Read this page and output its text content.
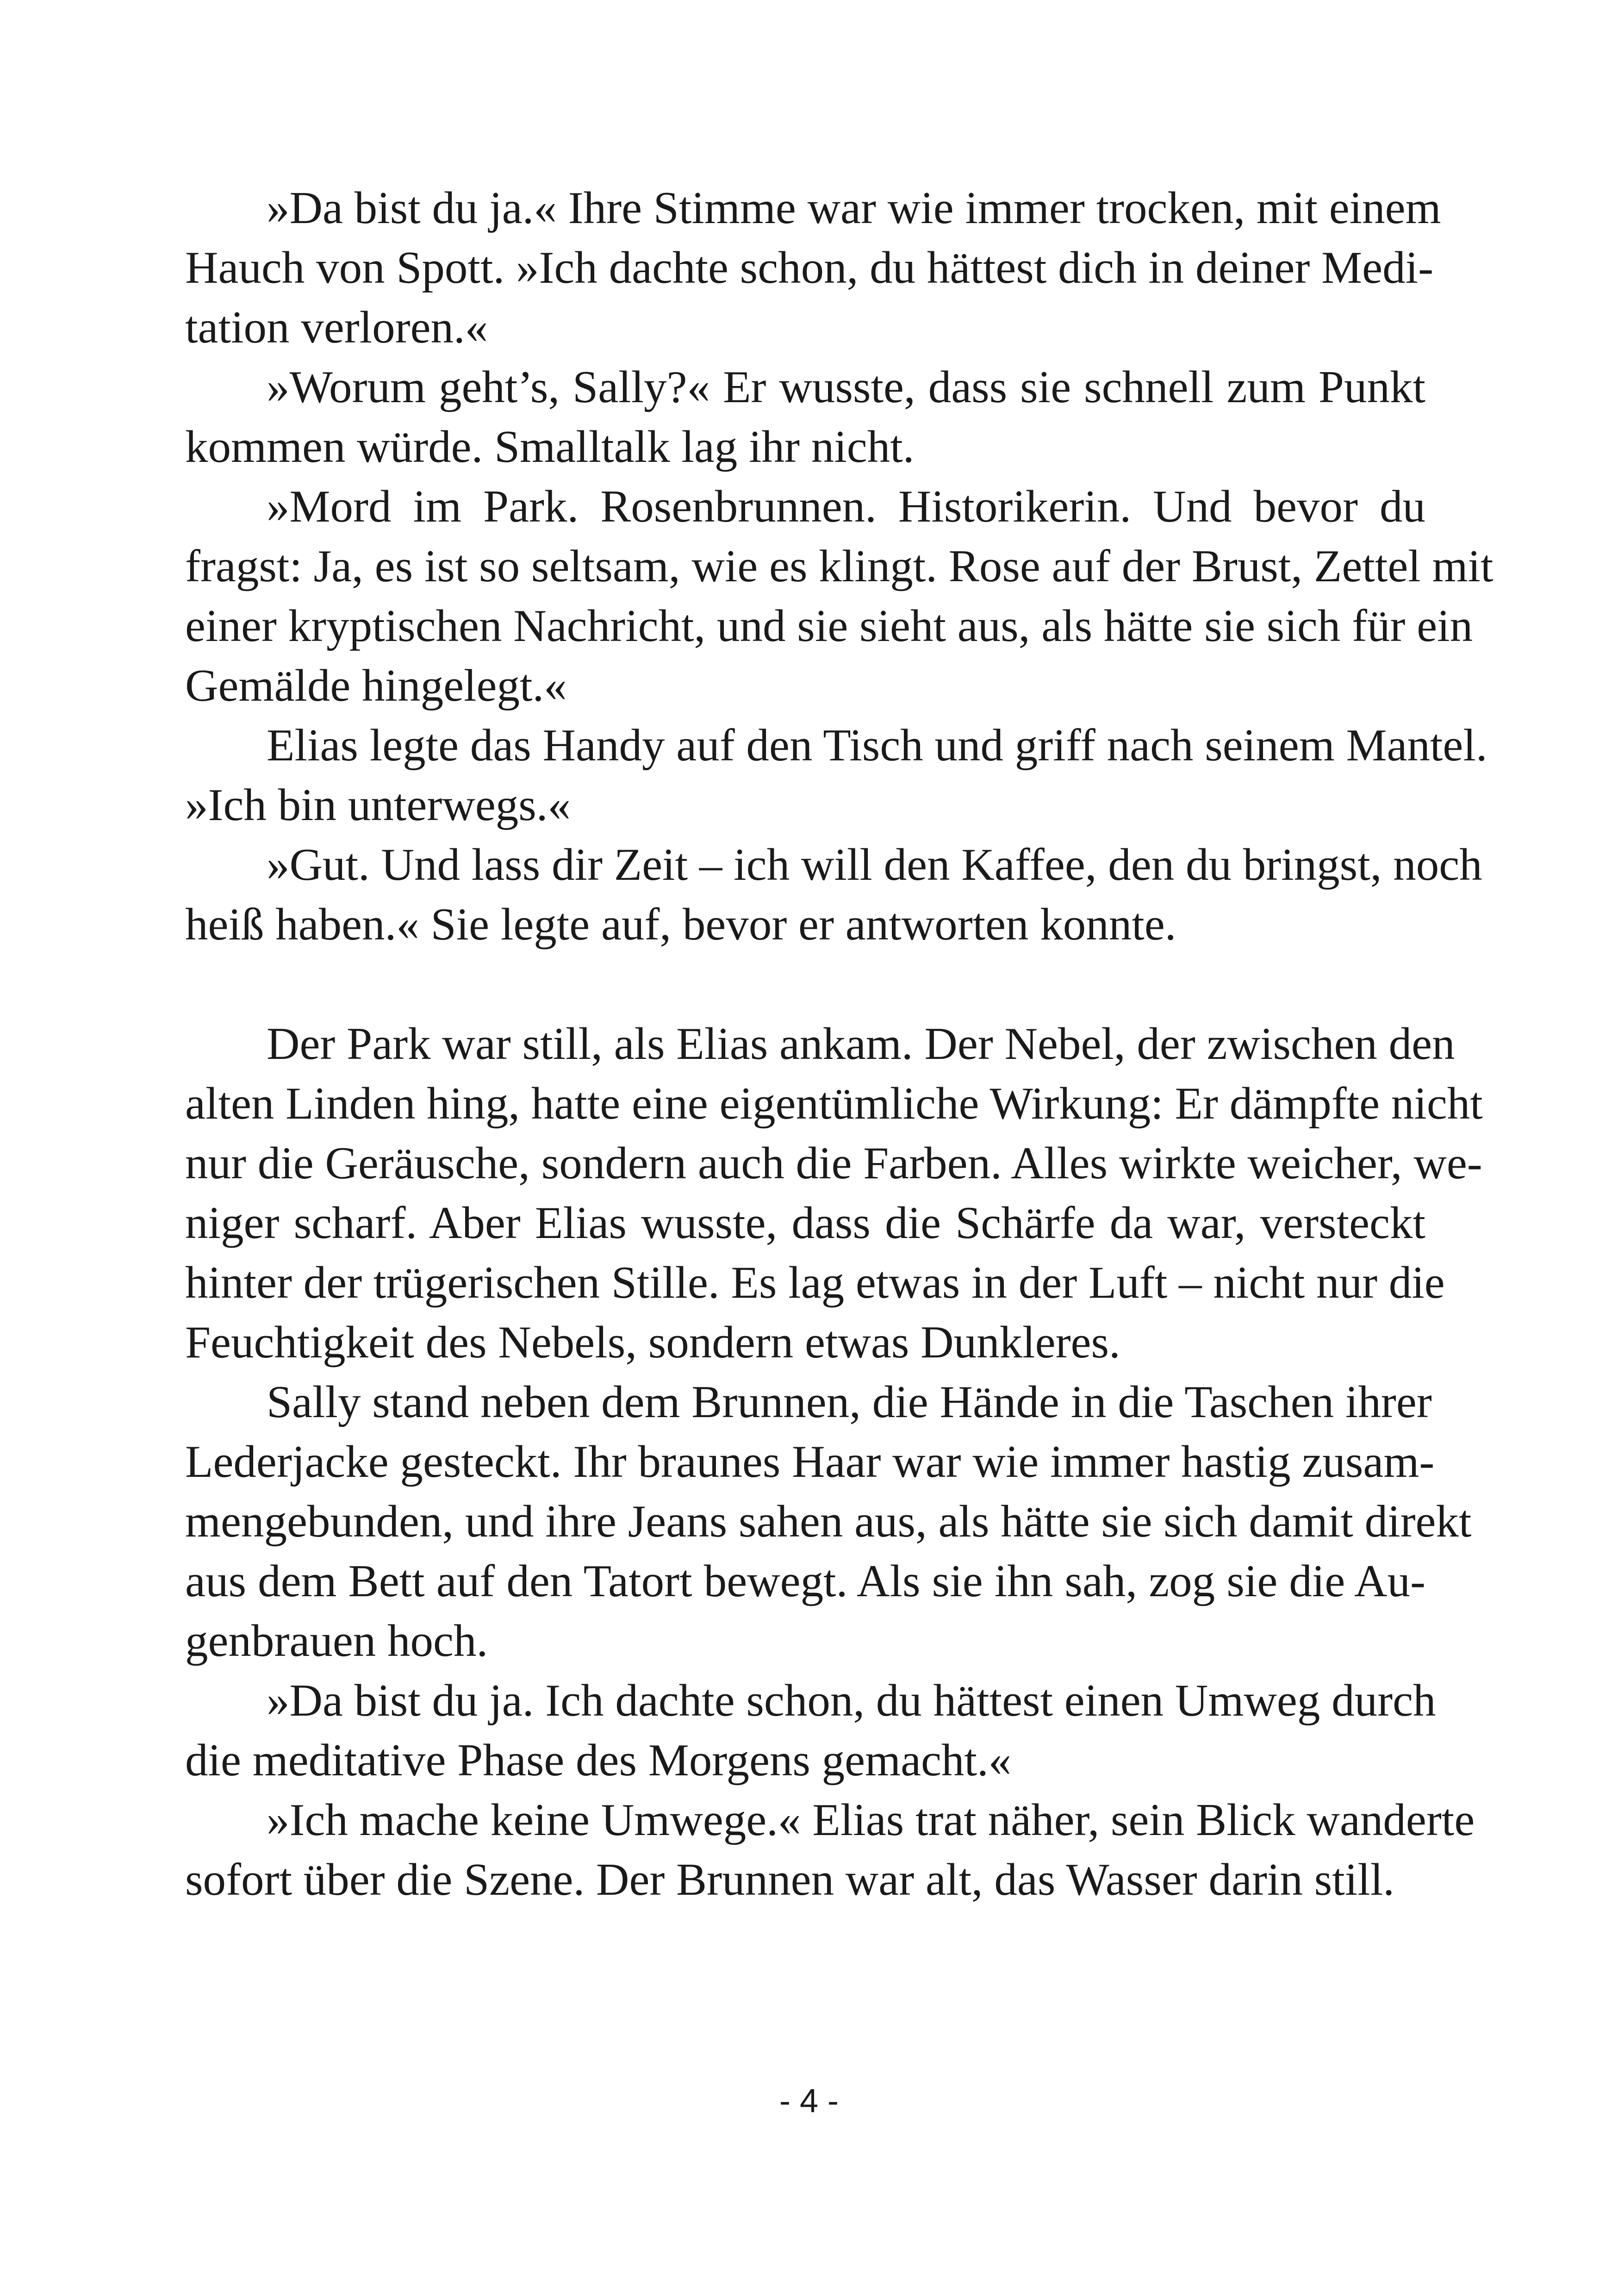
»Da bist du ja.« Ihre Stimme war wie immer trocken, mit einem
Hauch von Spott. »Ich dachte schon, du hättest dich in deiner Medi-
tation verloren.«
»Worum geht’s, Sally?« Er wusste, dass sie schnell zum Punkt
kommen würde. Smalltalk lag ihr nicht.
»Mord im Park. Rosenbrunnen. Historikerin. Und bevor du
fragst: Ja, es ist so seltsam, wie es klingt. Rose auf der Brust, Zettel mit
einer kryptischen Nachricht, und sie sieht aus, als hätte sie sich für ein
Gemälde hingelegt.«
Elias legte das Handy auf den Tisch und griff nach seinem Mantel.
»Ich bin unterwegs.«
»Gut. Und lass dir Zeit – ich will den Kaffee, den du bringst, noch
heiß haben.« Sie legte auf, bevor er antworten konnte.
Der Park war still, als Elias ankam. Der Nebel, der zwischen den
alten Linden hing, hatte eine eigentümliche Wirkung: Er dämpfte nicht
nur die Geräusche, sondern auch die Farben. Alles wirkte weicher, we-
niger scharf. Aber Elias wusste, dass die Schärfe da war, versteckt
hinter der trügerischen Stille. Es lag etwas in der Luft – nicht nur die
Feuchtigkeit des Nebels, sondern etwas Dunkleres.
Sally stand neben dem Brunnen, die Hände in die Taschen ihrer
Lederjacke gesteckt. Ihr braunes Haar war wie immer hastig zusam-
mengebunden, und ihre Jeans sahen aus, als hätte sie sich damit direkt
aus dem Bett auf den Tatort bewegt. Als sie ihn sah, zog sie die Au-
genbrauen hoch.
»Da bist du ja. Ich dachte schon, du hättest einen Umweg durch
die meditative Phase des Morgens gemacht.«
»Ich mache keine Umwege.« Elias trat näher, sein Blick wanderte
sofort über die Szene. Der Brunnen war alt, das Wasser darin still.
- 4 -
